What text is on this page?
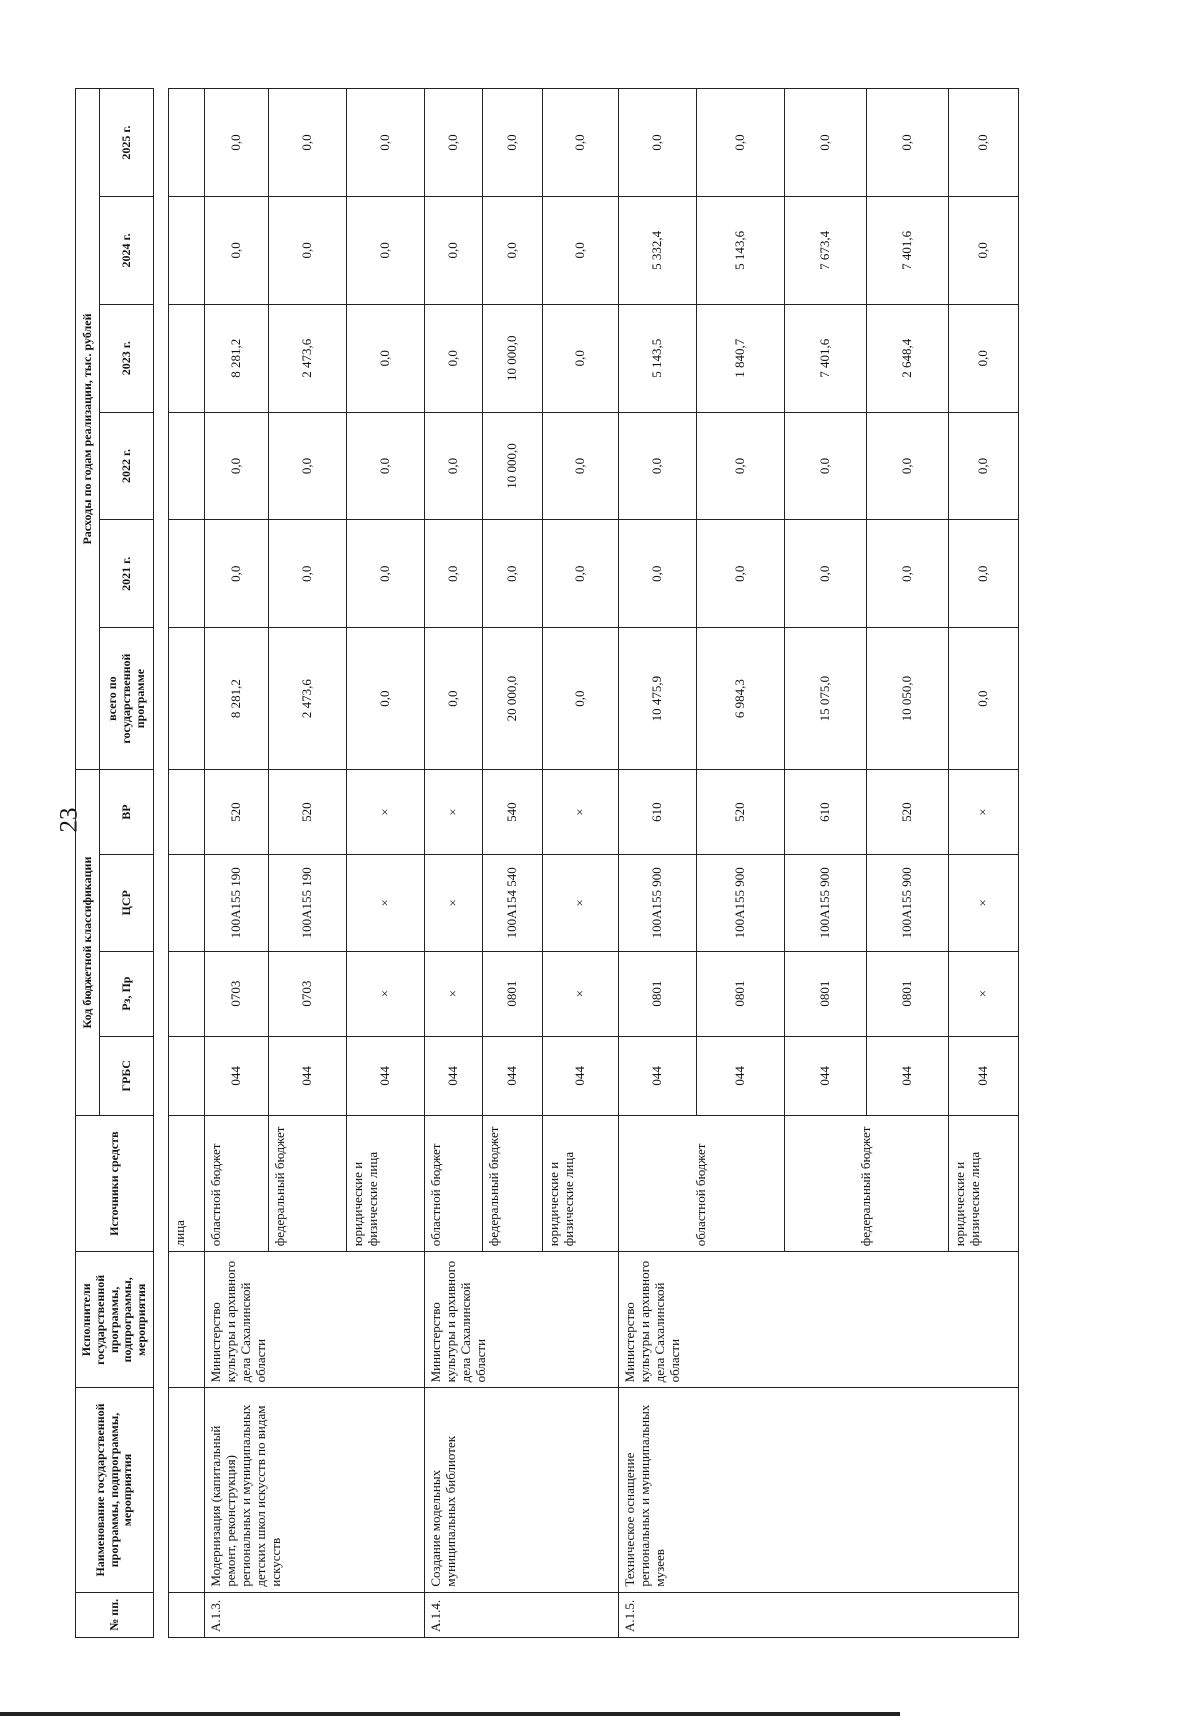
23
№ пп.	Наименование государственной программы, подпрограммы, мероприятия	Исполнители государственной программы, подпрограммы, мероприятия	Источники средств	Код бюджетной классификации				Расходы по годам реализации, тыс. рублей					
				ГРБС	Рз, Пр	ЦСР	ВР	всего по государственной программе	2021 г.	2022 г.	2023 г.	2024 г.	2025 г.

			лица										
А.1.3.	Модернизация (капитальный ремонт, реконструкция) региональных и муниципальных детских школ искусств по видам искусств	Министерство культуры и архивного дела Сахалинской области	областной бюджет	044	0703	100А155 190	520	8 281,2	0,0	0,0	8 281,2	0,0	0,0
			федеральный бюджет	044	0703	100А155 190	520	2 473,6	0,0	0,0	2 473,6	0,0	0,0
			юридические и физические лица	044	×	×	×	0,0	0,0	0,0	0,0	0,0	0,0
А.1.4.	Создание модельных муниципальных библиотек	Министерство культуры и архивного дела Сахалинской области	областной бюджет	044	×	×	×	0,0	0,0	0,0	0,0	0,0	0,0
			федеральный бюджет	044	0801	100А154 540	540	20 000,0	0,0	10 000,0	10 000,0	0,0	0,0
			юридические и физические лица	044	×	×	×	0,0	0,0	0,0	0,0	0,0	0,0
А.1.5.	Техническое оснащение региональных и муниципальных музеев	Министерство культуры и архивного дела Сахалинской области	областной бюджет	044	0801	100А155 900	610	10 475,9	0,0	0,0	5 143,5	5 332,4	0,0
				044	0801	100А155 900	520	6 984,3	0,0	0,0	1 840,7	5 143,6	0,0
			федеральный бюджет	044	0801	100А155 900	610	15 075,0	0,0	0,0	7 401,6	7 673,4	0,0
				044	0801	100А155 900	520	10 050,0	0,0	0,0	2 648,4	7 401,6	0,0
			юридические и физические лица	044	×	×	×	0,0	0,0	0,0	0,0	0,0	0,0
